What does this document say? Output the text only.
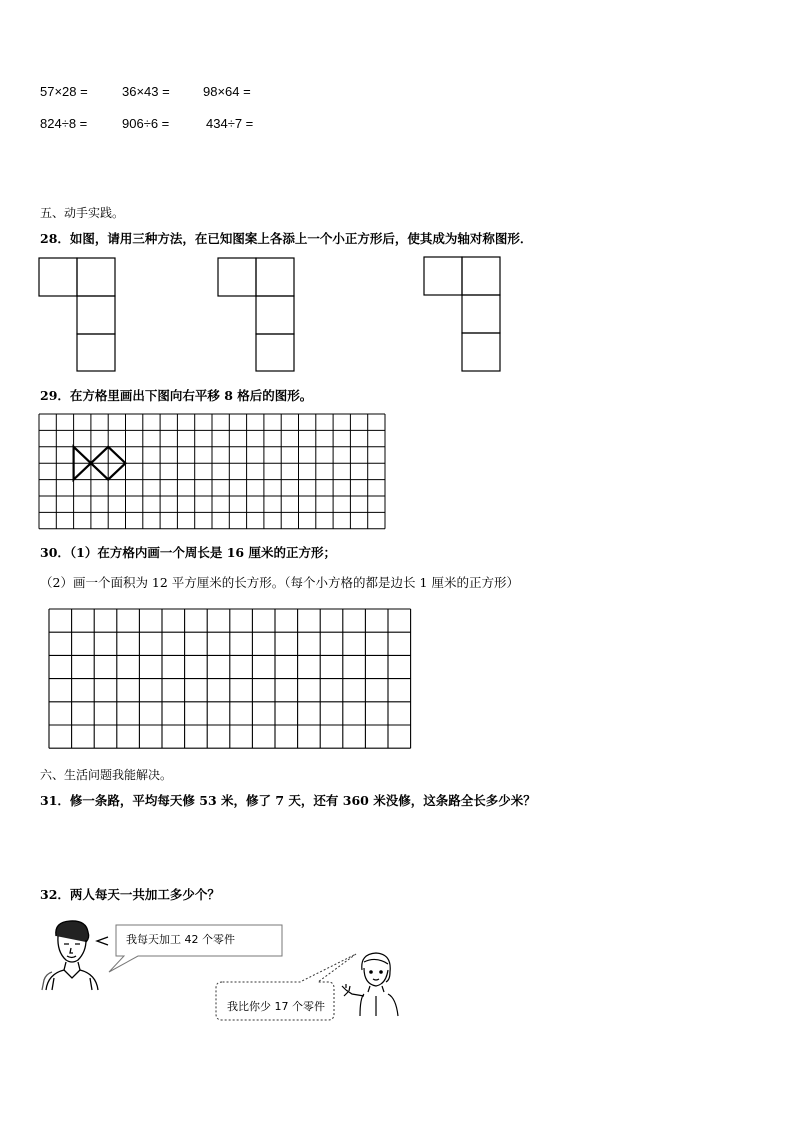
57×28 =	36×43 =	98×64 =
824÷8 =	906÷6 =	434÷7 =
五、动手实践。
28．如图，请用三种方法，在已知图案上各添上一个小正方形后，使其成为轴对称图形．
29．在方格里画出下图向右平移 8 格后的图形。
30．（1）在方格内画一个周长是 16 厘米的正方形；
（2）画一个面积为 12 平方厘米的长方形。（每个小方格的都是边长 1 厘米的正方形）
六、生活问题我能解决。
31．修一条路，平均每天修 53 米，修了 7 天，还有 360 米没修，这条路全长多少米？
32．两人每天一共加工多少个？
我每天加工 42 个零件
我比你少 17 个零件
